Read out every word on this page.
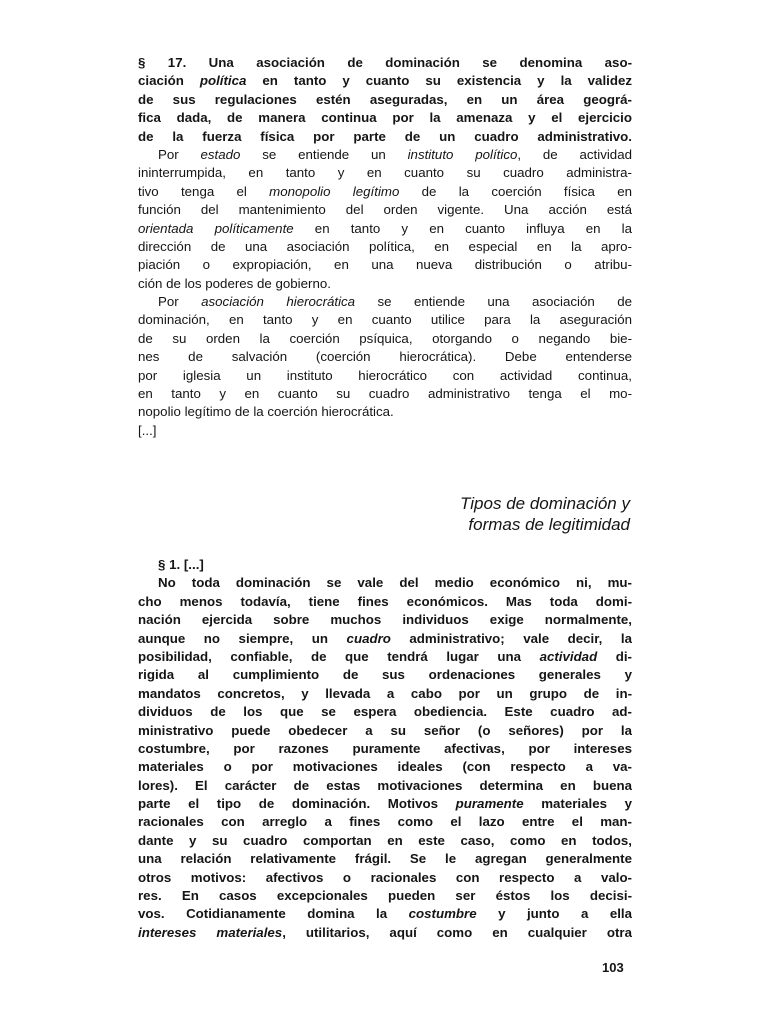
§ 17. Una asociación de dominación se denomina aso-
ciación política en tanto y cuanto su existencia y la validez
de sus regulaciones estén aseguradas, en un área geográ-
fica dada, de manera continua por la amenaza y el ejercicio
de la fuerza física por parte de un cuadro administrativo.
Por estado se entiende un instituto político, de actividad
ininterrumpida, en tanto y en cuanto su cuadro administra-
tivo tenga el monopolio legítimo de la coerción física en
función del mantenimiento del orden vigente. Una acción está
orientada políticamente en tanto y en cuanto influya en la
dirección de una asociación política, en especial en la apro-
piación o expropiación, en una nueva distribución o atribu-
ción de los poderes de gobierno.
Por asociación hierocrática se entiende una asociación de
dominación, en tanto y en cuanto utilice para la aseguración
de su orden la coerción psíquica, otorgando o negando bie-
nes de salvación (coerción hierocrática). Debe entenderse
por iglesia un instituto hierocrático con actividad continua,
en tanto y en cuanto su cuadro administrativo tenga el mo-
nopolio legítimo de la coerción hierocrática.
[...]
Tipos de dominación y
formas de legitimidad
§ 1. [...]
No toda dominación se vale del medio económico ni, mu-
cho menos todavía, tiene fines económicos. Mas toda domi-
nación ejercida sobre muchos individuos exige normalmente,
aunque no siempre, un cuadro administrativo; vale decir, la
posibilidad, confiable, de que tendrá lugar una actividad di-
rigida al cumplimiento de sus ordenaciones generales y
mandatos concretos, y llevada a cabo por un grupo de in-
dividuos de los que se espera obediencia. Este cuadro ad-
ministrativo puede obedecer a su señor (o señores) por la
costumbre, por razones puramente afectivas, por intereses
materiales o por motivaciones ideales (con respecto a va-
lores). El carácter de estas motivaciones determina en buena
parte el tipo de dominación. Motivos puramente materiales y
racionales con arreglo a fines como el lazo entre el man-
dante y su cuadro comportan en este caso, como en todos,
una relación relativamente frágil. Se le agregan generalmente
otros motivos: afectivos o racionales con respecto a valo-
res. En casos excepcionales pueden ser éstos los decisi-
vos. Cotidianamente domina la costumbre y junto a ella
intereses materiales, utilitarios, aquí como en cualquier otra
103
